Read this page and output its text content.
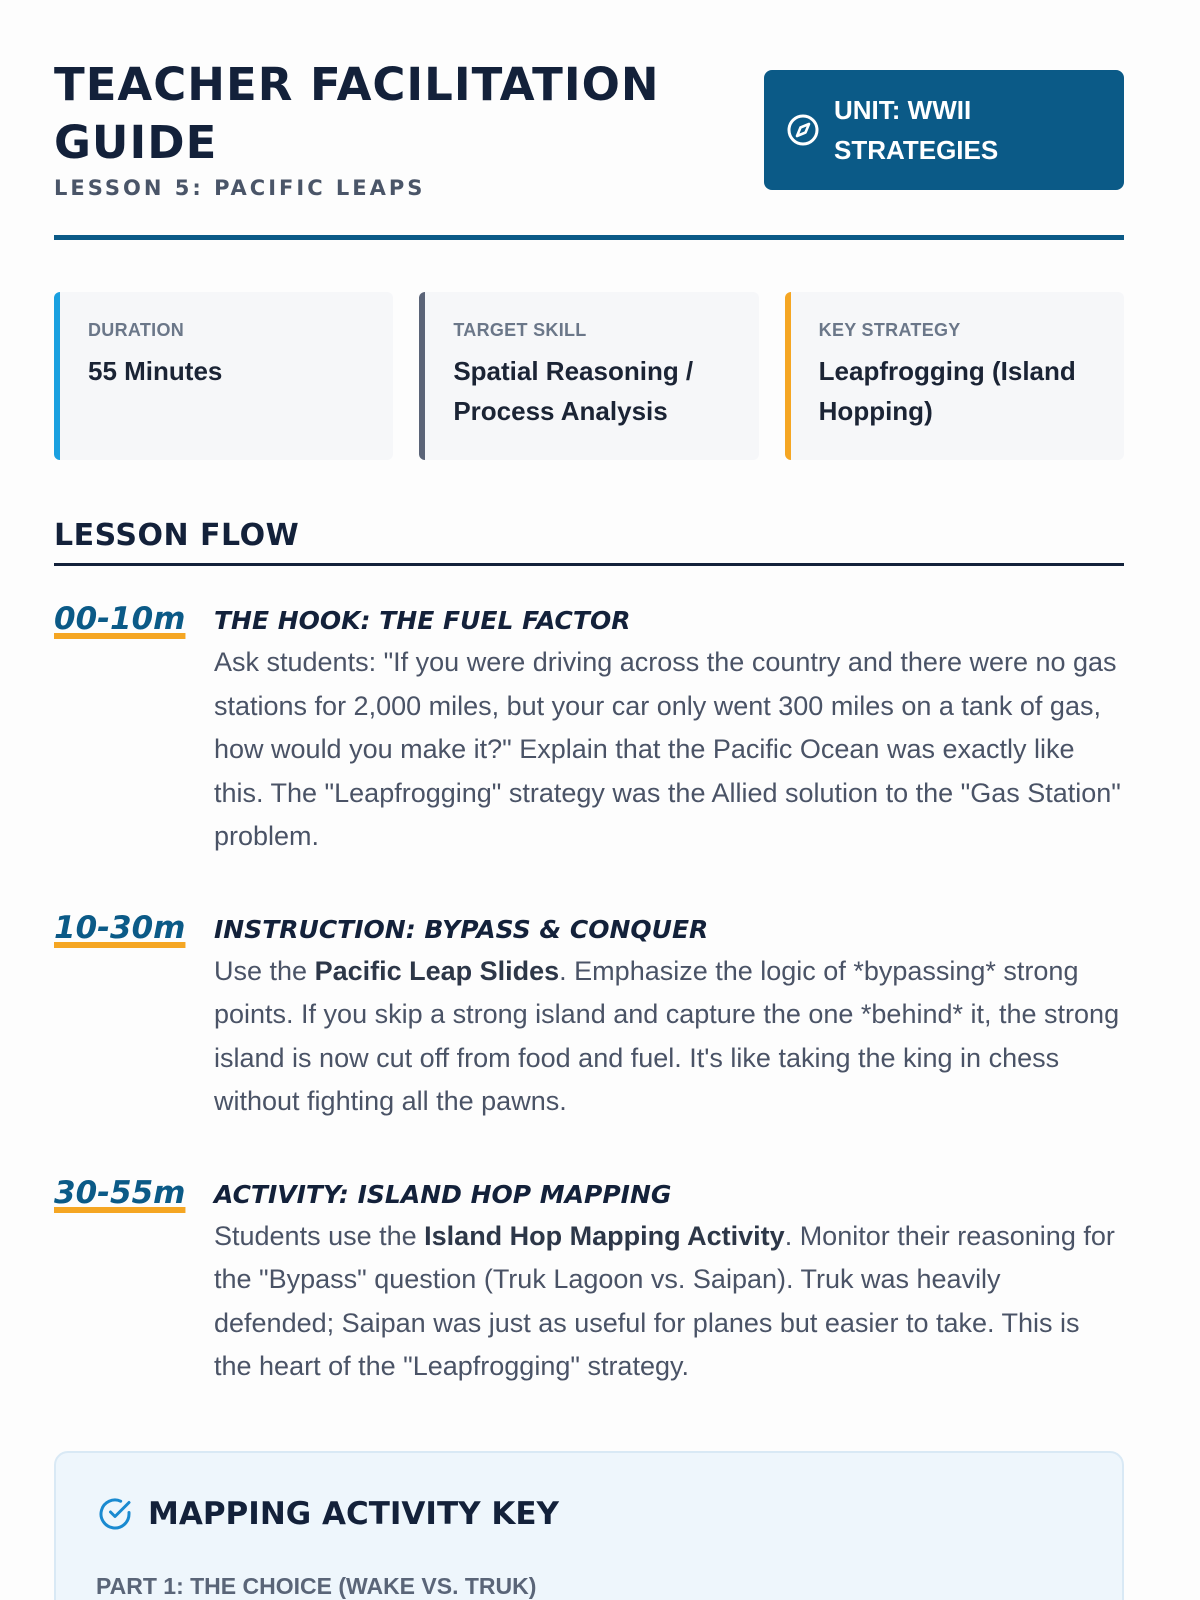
TEACHER FACILITATION GUIDE
LESSON 5: PACIFIC LEAPS
UNIT: WWII STRATEGIES
DURATION
55 Minutes
TARGET SKILL
Spatial Reasoning / Process Analysis
KEY STRATEGY
Leapfrogging (Island Hopping)
LESSON FLOW
00-10m	THE HOOK: THE FUEL FACTOR

Ask students: "If you were driving across the country and there were no gas stations for 2,000 miles, but your car only went 300 miles on a tank of gas, how would you make it?" Explain that the Pacific Ocean was exactly like this. The "Leapfrogging" strategy was the Allied solution to the "Gas Station" problem.

10-30m	INSTRUCTION: BYPASS & CONQUER

Use the Pacific Leap Slides. Emphasize the logic of *bypassing* strong points. If you skip a strong island and capture the one *behind* it, the strong island is now cut off from food and fuel. It's like taking the king in chess without fighting all the pawns.

30-55m	ACTIVITY: ISLAND HOP MAPPING

Students use the Island Hop Mapping Activity. Monitor their reasoning for the "Bypass" question (Truk Lagoon vs. Saipan). Truk was heavily defended; Saipan was just as useful for planes but easier to take. This is the heart of the "Leapfrogging" strategy.

MAPPING ACTIVITY KEY
PART 1: THE CHOICE (WAKE VS. TRUK)
